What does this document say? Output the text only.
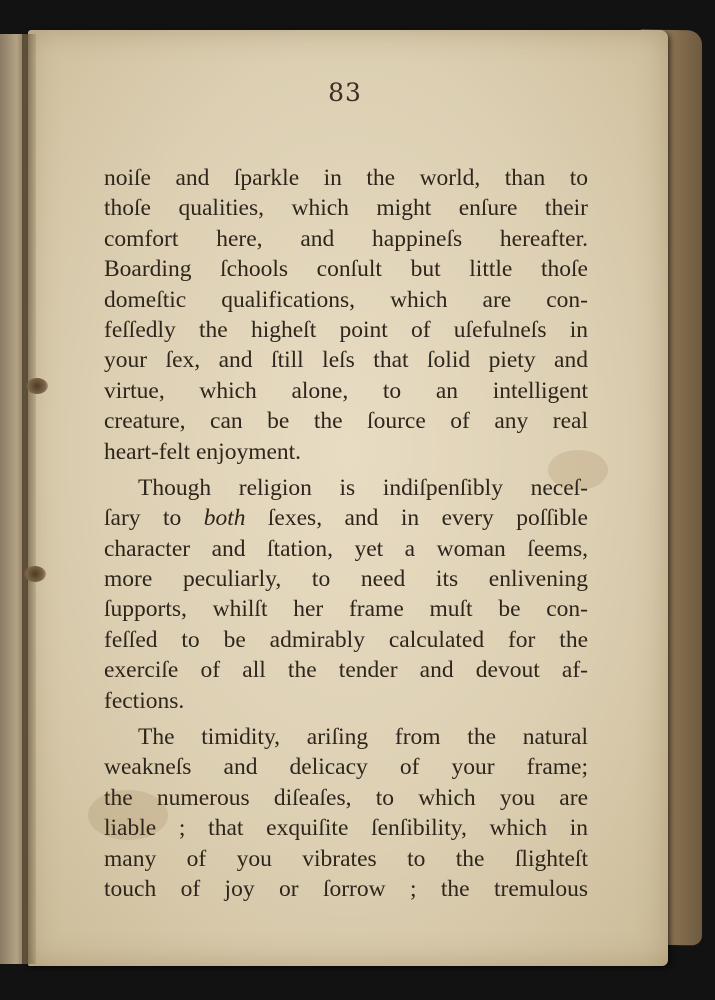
83
noiſe and ſparkle in the world, than to
thoſe qualities, which might enſure their
comfort here, and happineſs hereafter.
Boarding ſchools conſult but little thoſe
domeſtic qualifications, which are con-
feſſedly the higheſt point of uſefulneſs in
your ſex, and ſtill leſs that ſolid piety and
virtue, which alone, to an intelligent
creature, can be the ſource of any real
heart-felt enjoyment.
Though religion is indiſpenſibly neceſ-
ſary to both ſexes, and in every poſſible
character and ſtation, yet a woman ſeems,
more peculiarly, to need its enlivening
ſupports, whilſt her frame muſt be con-
feſſed to be admirably calculated for the
exerciſe of all the tender and devout af-
fections.
The timidity, ariſing from the natural
weakneſs and delicacy of your frame;
the numerous diſeaſes, to which you are
liable ; that exquiſite ſenſibility, which in
many of you vibrates to the ſlighteſt
touch of joy or ſorrow ; the tremulous
